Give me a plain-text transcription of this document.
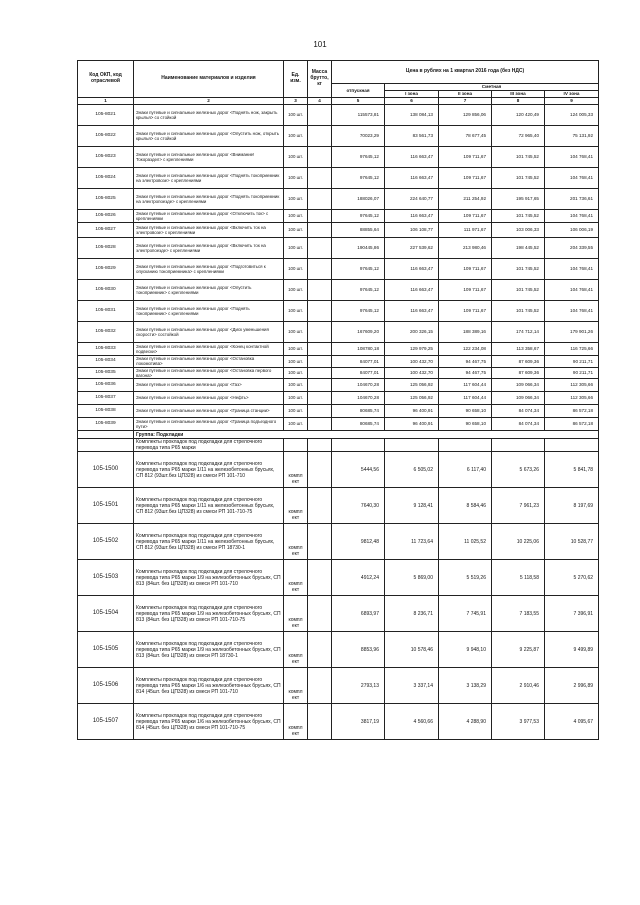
101
Код ОКП, код отраслевой	Наименование материалов и изделия	Ед. изм.	Масса брутто, кг	Цена в рублях на 1 квартал 2016 года (без НДС)				
				отпускная	Сметная			
					I зона	II зона	III зона	IV зона
1	2	3	4	5	6	7	8	9
105-8021	Знаки путевые и сигнальные железных дорог <Поднять нож, закрыть крылья> со стойкой	100 шт.		115573,81	138 084,13	129 856,06	120 420,49	124 005,33
105-8022	Знаки путевые и сигнальные железных дорог <Опустить нож, открыть крылья> со стойкой	100 шт.		70023,29	83 561,73	78 677,45	72 965,40	75 131,92
105-8023	Знаки путевые и сигнальные железных дорог <Внимание! Токораздел> с креплениями	100 шт.		97645,12	116 663,47	109 711,67	101 745,52	104 768,41
105-8024	Знаки путевые и сигнальные железных дорог <Поднять токоприемник на электровозе> с креплениями	100 шт.		97645,12	116 663,47	109 711,67	101 745,52	104 768,41
105-8025	Знаки путевые и сигнальные железных дорог <Поднять токоприемник на электропоезде> с креплениями	100 шт.		188026,07	224 640,77	211 254,92	195 917,65	201 736,61
105-8026	Знаки путевые и сигнальные железных дорог <Отключить ток> с креплениями	100 шт.		97645,12	116 663,47	109 711,67	101 745,52	104 768,41
105-8027	Знаки путевые и сигнальные железных дорог <Включить ток на электровозе> с креплениями	100 шт.		88855,64	106 108,77	111 971,67	103 006,33	106 006,19
105-8028	Знаки путевые и сигнальные железных дорог <Включить ток на электропоезде> с креплениями	100 шт.		190445,86	227 539,62	213 980,46	198 445,52	204 339,55
105-8029	Знаки путевые и сигнальные железных дорог <Подготовиться к опусканию токоприемника> с креплениями	100 шт.		97645,12	116 663,47	109 711,67	101 745,52	104 768,41
105-8030	Знаки путевые и сигнальные железных дорог <Опустить токоприемник> с креплениями	100 шт.		97645,12	116 663,47	109 711,67	101 745,52	104 768,41
105-8031	Знаки путевые и сигнальные железных дорог <Поднять токоприемник> с креплениями	100 шт.		97645,12	116 663,47	109 711,67	101 745,52	104 768,41
105-8032	Знаки путевые и сигнальные железных дорог <Диск уменьшения скорости> состойкой	100 шт.		167609,20	200 326,15	188 389,16	174 712,14	179 901,26
105-8033	Знаки путевые и сигнальные железных дорог <Конец контактной подвески>	100 шт.		108780,18	129 979,25	122 234,08	113 358,67	116 725,66
105-8034	Знаки путевые и сигнальные железных дорог <Остановка локомотива>	100 шт.		84077,01	100 432,70	94 467,75	87 609,36	90 211,71
105-8035	Знаки путевые и сигнальные железных дорог <Остановка первого вагона>	100 шт.		84077,01	100 432,70	94 467,75	87 609,36	90 211,71
105-8036	Знаки путевые и сигнальные железных дорог <Газ>	100 шт.		104670,28	125 056,92	117 604,44	109 066,34	112 305,66
105-8037	Знаки путевые и сигнальные железных дорог <Нефть>	100 шт.		104670,28	125 056,92	117 604,44	109 066,34	112 305,66
105-8038	Знаки путевые и сигнальные железных дорог <Граница станции>	100 шт.		80685,74	96 400,91	90 658,10	84 074,34	86 572,18
105-8039	Знаки путевые и сигнальные железных дорог <Граница подъездного пути>	100 шт.		80685,74	96 400,91	90 658,10	84 074,34	86 572,18
	Группа: Подкладки							
	Комплекты прокладок под подкладки для стрелочного перевода типа Р65 марки							
105-1500	Комплекты прокладок под подкладки для стрелочного перевода типа Р65 марки 1/11 на железобетонных брусьях, СП 812 (93шт.без ЦП328) из смеси РП 101-710	компл ект		5444,56	6 505,02	6 117,40	5 673,26	5 841,78
105-1501	Комплекты прокладок под подкладки для стрелочного перевода типа Р65 марки 1/11 на железобетонных брусьях, СП 812 (93шт.без ЦП328) из смеси РП 101-710-75	компл ект		7640,30	9 128,41	8 584,46	7 961,23	8 197,69
105-1502	Комплекты прокладок под подкладки для стрелочного перевода типа Р65 марки 1/11 на железобетонных брусьях, СП 812 (93шт.без ЦП328) из смеси РП 18730-1	компл ект		9812,48	11 723,64	11 025,52	10 225,06	10 528,77
105-1503	Комплекты прокладок под подкладки для стрелочного перевода типа Р65 марки 1/9 на железобетонных брусьях, СП 813 (84шт. без ЦП328) из смеси РП 101-710	компл ект		4912,24	5 869,00	5 519,26	5 118,58	5 270,62
105-1504	Комплекты прокладок под подкладки для стрелочного перевода типа Р65 марки 1/9 на железобетонных брусьях, СП 813 (84шт. без ЦП328) из смеси РП 101-710-75	компл ект		6893,97	8 236,71	7 745,91	7 183,55	7 396,91
105-1505	Комплекты прокладок под подкладки для стрелочного перевода типа Р65 марки 1/9 на железобетонных брусьях, СП 813 (84шт. без ЦП328) из смеси РП 18730-1	компл ект		8853,96	10 578,46	9 948,10	9 225,87	9 499,89
105-1506	Комплекты прокладок под подкладки для стрелочного перевода типа Р65 марки 1/6 на железобетонных брусьях, СП 814 (45шт. без ЦП328) из смеси РП 101-710	компл ект		2793,13	3 337,14	3 138,29	2 910,46	2 996,89
105-1507	Комплекты прокладок под подкладки для стрелочного перевода типа Р65 марки 1/6 на железобетонных брусьях, СП 814 (45шт. без ЦП328) из смеси РП 101-710-75	компл ект		3817,19	4 560,66	4 288,90	3 977,53	4 095,67
